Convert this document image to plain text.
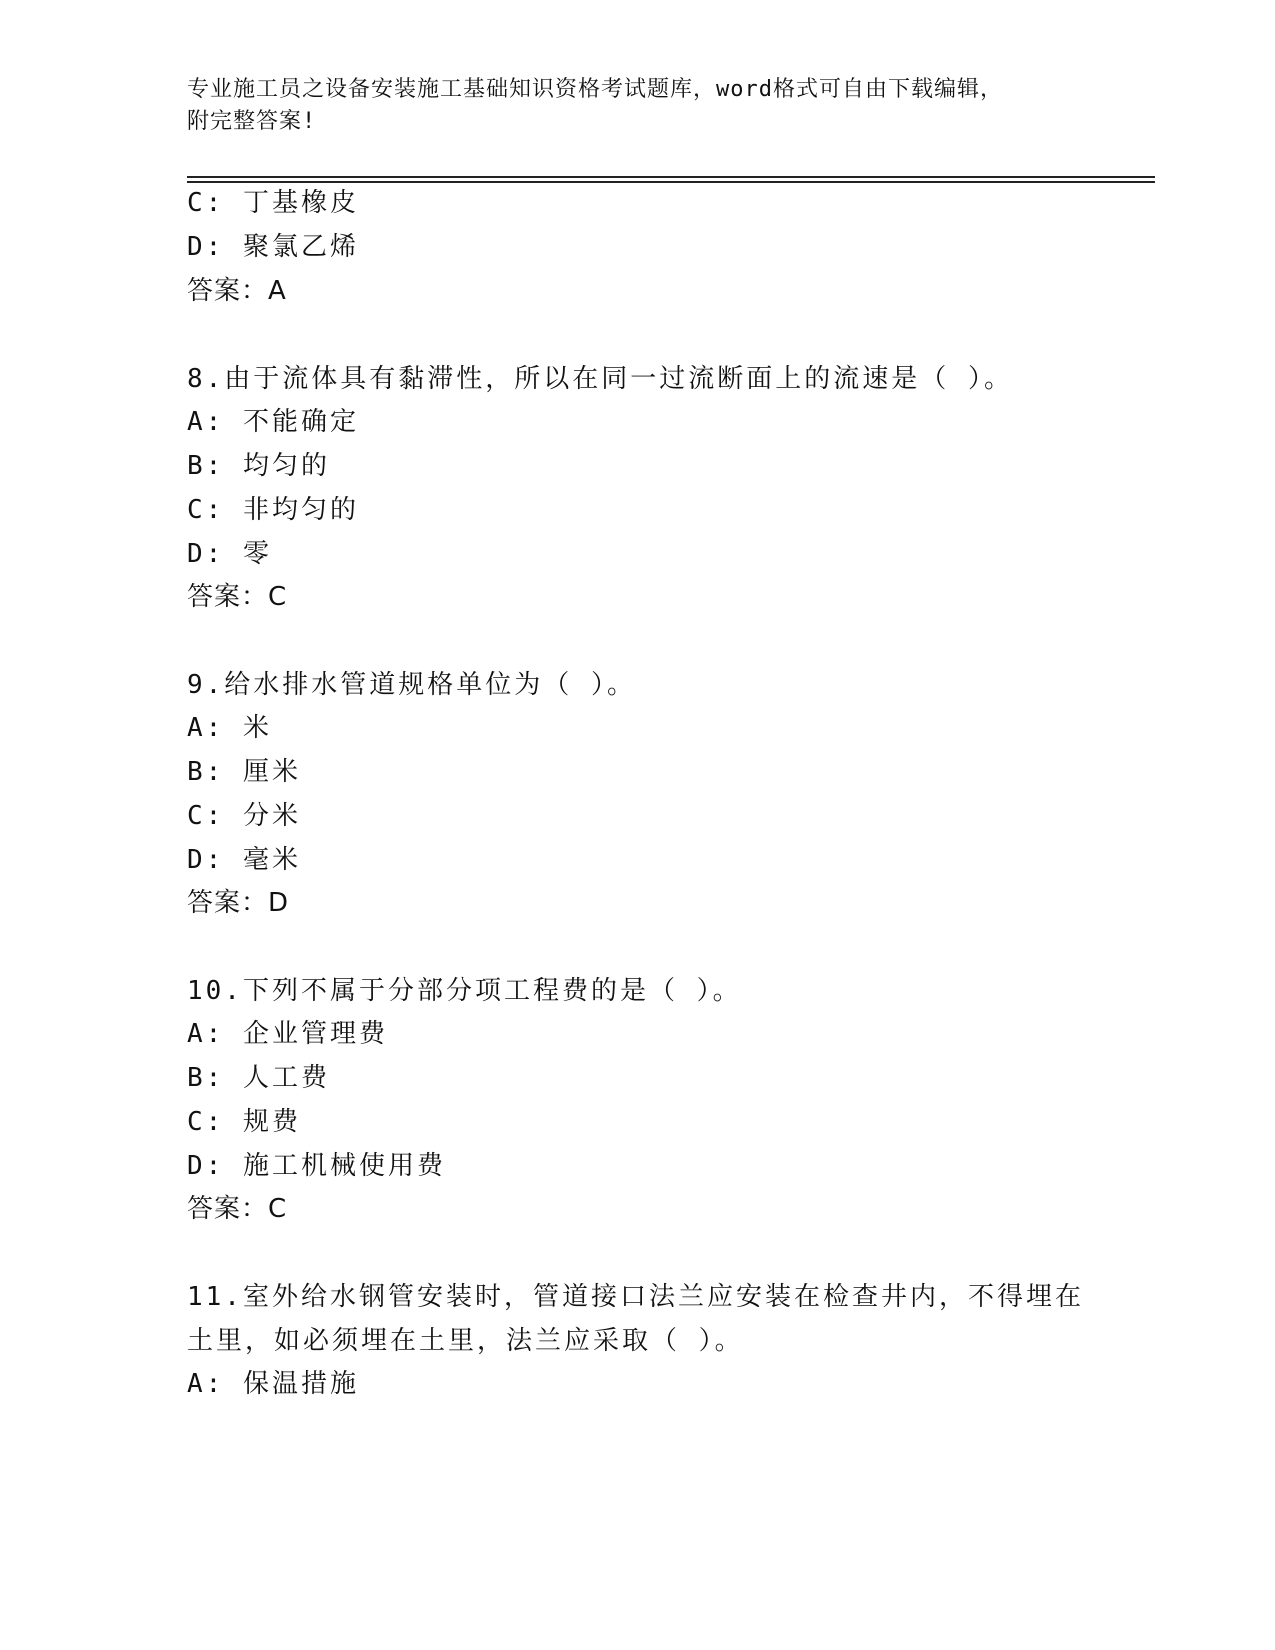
专业施工员之设备安装施工基础知识资格考试题库，word格式可自由下载编辑，
附完整答案!
C: 丁基橡皮
D: 聚氯乙烯
答案：A
8.由于流体具有黏滞性，所以在同一过流断面上的流速是（ ）。
A: 不能确定
B: 均匀的
C: 非均匀的
D: 零
答案：C
9.给水排水管道规格单位为（ ）。
A: 米
B: 厘米
C: 分米
D: 毫米
答案：D
10.下列不属于分部分项工程费的是（ ）。
A: 企业管理费
B: 人工费
C: 规费
D: 施工机械使用费
答案：C
11.室外给水钢管安装时，管道接口法兰应安装在检查井内，不得埋在
土里，如必须埋在土里，法兰应采取（ ）。
A: 保温措施
